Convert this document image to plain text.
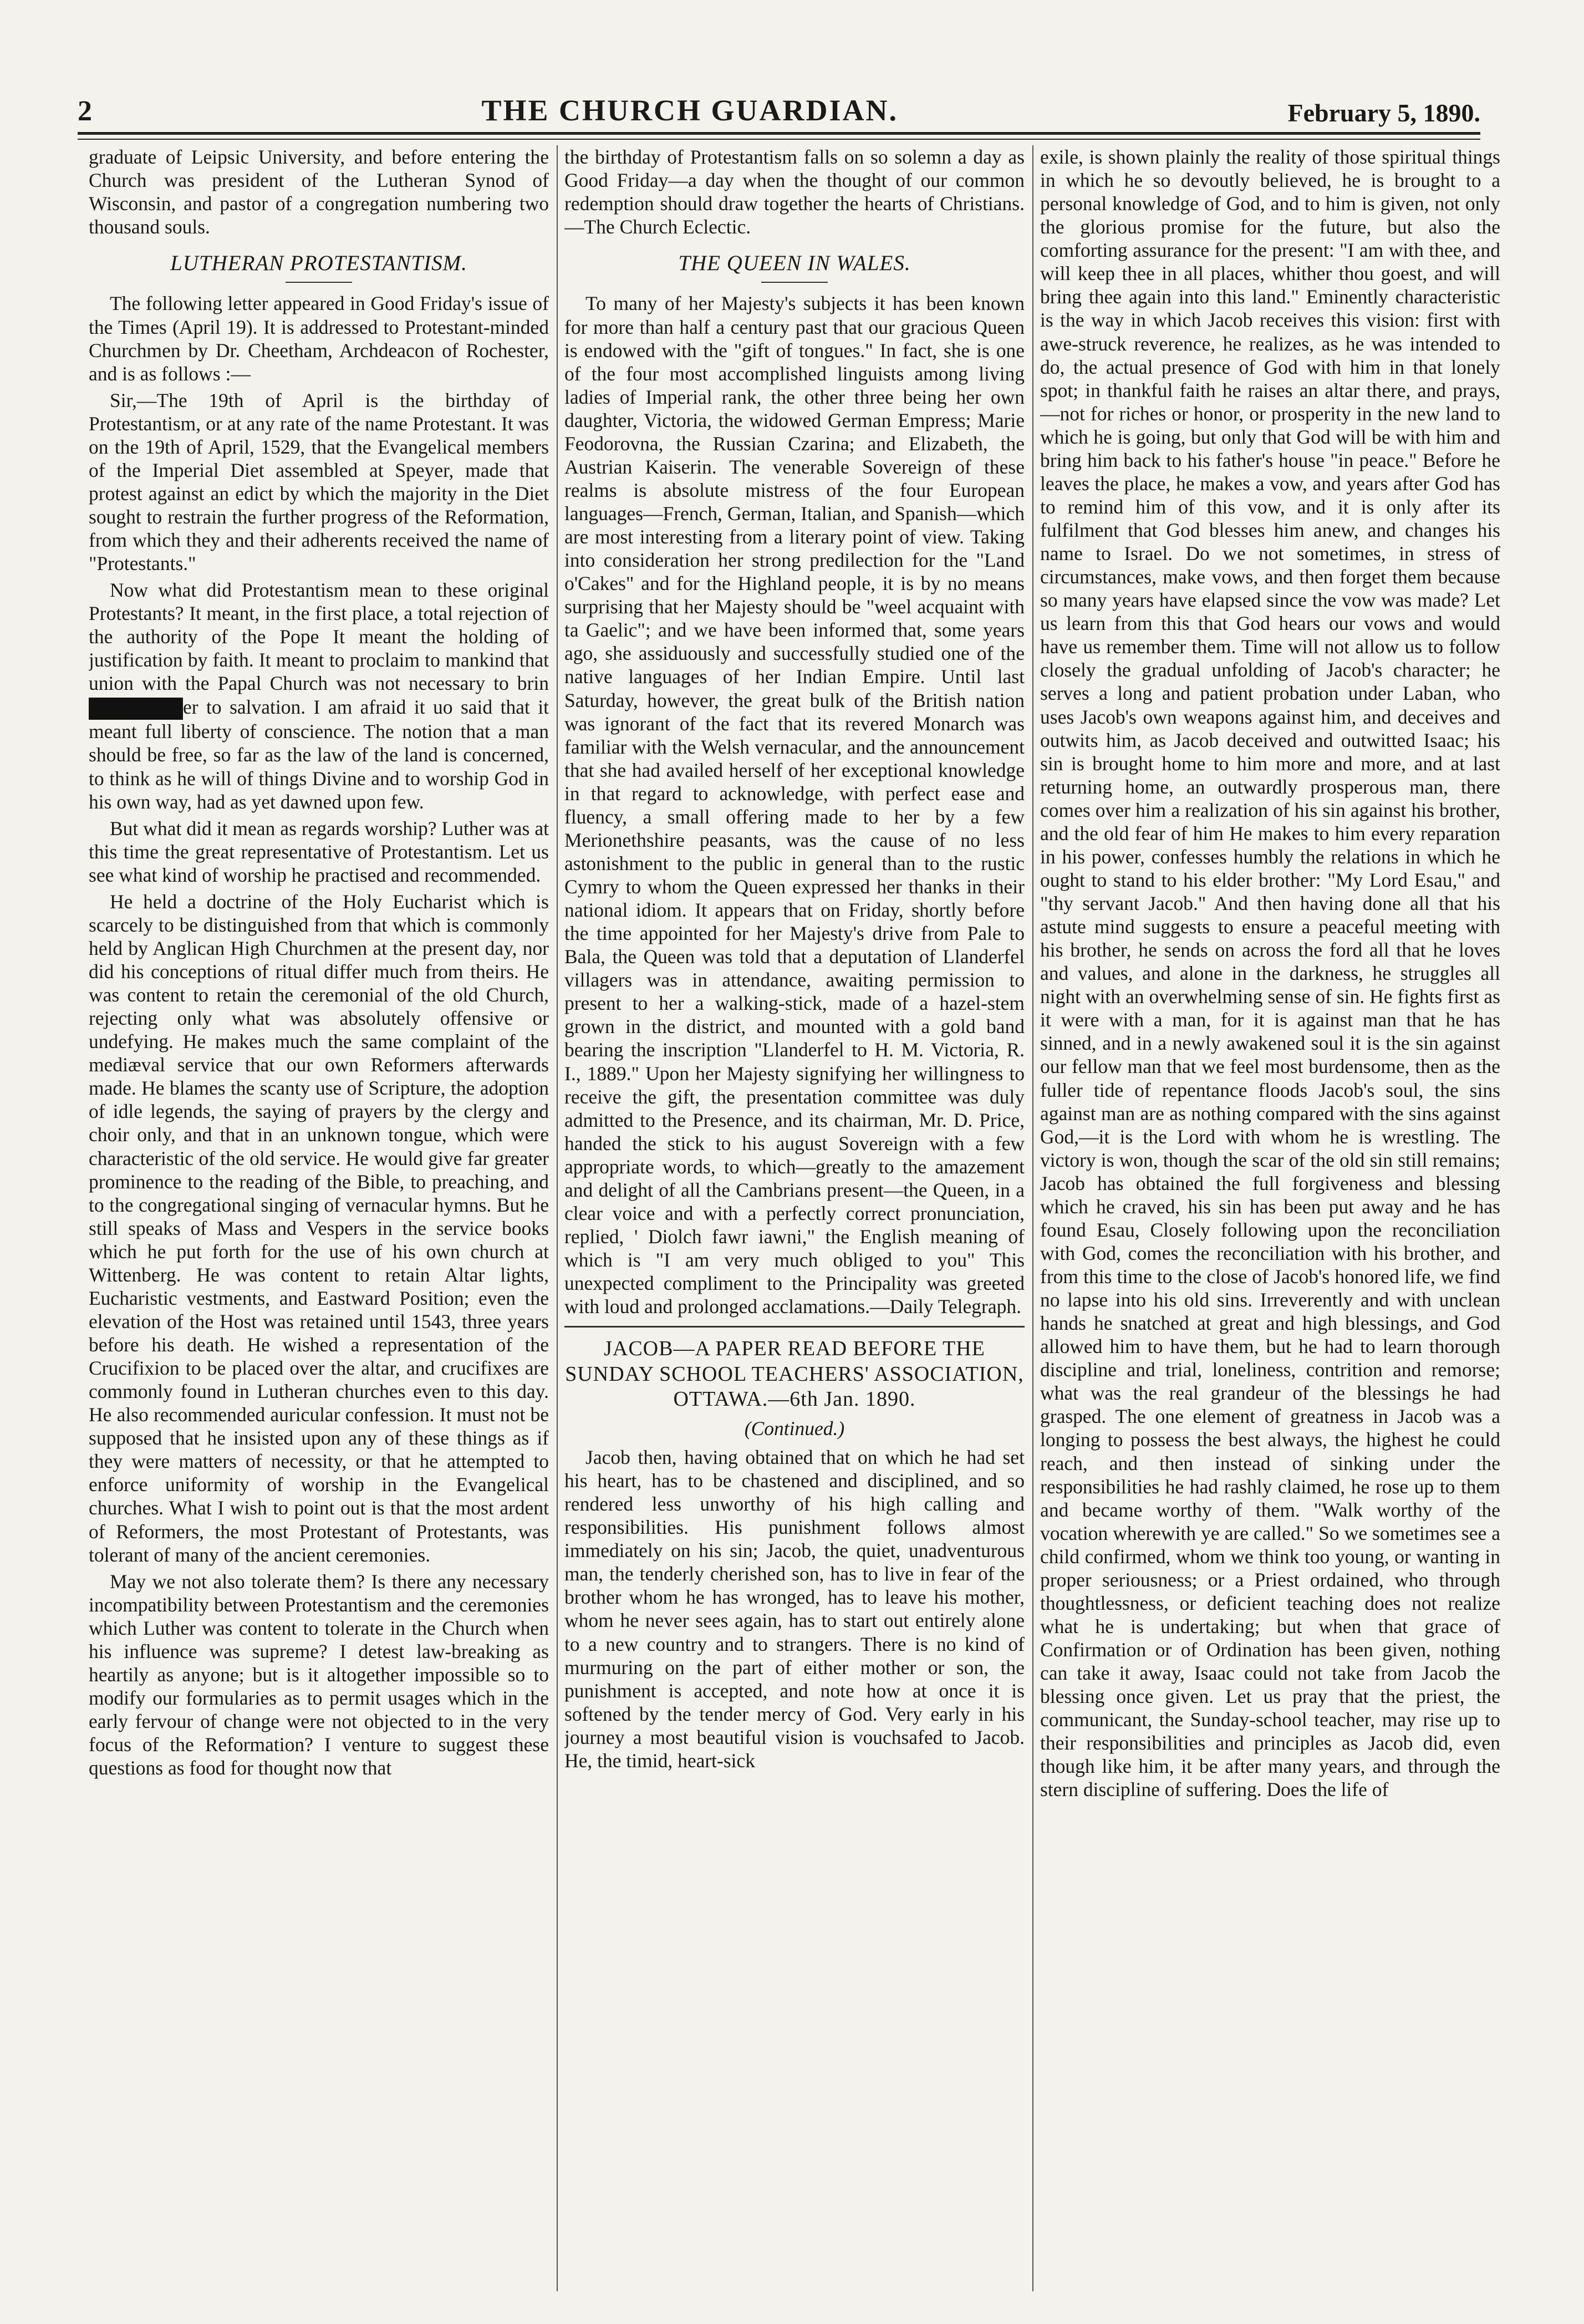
2	THE CHURCH GUARDIAN.	February 5, 1890.

graduate of Leipsic University, and before entering the Church was president of the Lutheran Synod of Wisconsin, and pastor of a congregation numbering two thousand souls.

LUTHERAN PROTESTANTISM.

The following letter appeared in Good Friday's issue of the Times (April 19). It is addressed to Protestant-minded Churchmen by Dr. Cheetham, Archdeacon of Rochester, and is as follows :—

Sir,—The 19th of April is the birthday of Protestantism, or at any rate of the name Protestant. It was on the 19th of April, 1529, that the Evangelical members of the Imperial Diet assembled at Speyer, made that protest against an edict by which the majority in the Diet sought to restrain the further progress of the Reformation, from which they and their adherents received the name of "Protestants."

Now what did Protestantism mean to these original Protestants? It meant, in the first place, a total rejection of the authority of the Pope It meant the holding of justification by faith. It meant to proclaim to mankind that union with the Papal Church was not necessary to briner to salvation. I am afraid it uo said that it meant full liberty of conscience. The notion that a man should be free, so far as the law of the land is concerned, to think as he will of things Divine and to worship God in his own way, had as yet dawned upon few.

But what did it mean as regards worship? Luther was at this time the great representative of Protestantism. Let us see what kind of worship he practised and recommended.

He held a doctrine of the Holy Eucharist which is scarcely to be distinguished from that which is commonly held by Anglican High Churchmen at the present day, nor did his conceptions of ritual differ much from theirs. He was content to retain the ceremonial of the old Church, rejecting only what was absolutely offensive or undefying. He makes much the same complaint of the mediæval service that our own Reformers afterwards made. He blames the scanty use of Scripture, the adoption of idle legends, the saying of prayers by the clergy and choir only, and that in an unknown tongue, which were characteristic of the old service. He would give far greater prominence to the reading of the Bible, to preaching, and to the congregational singing of vernacular hymns. But he still speaks of Mass and Vespers in the service books which he put forth for the use of his own church at Wittenberg. He was content to retain Altar lights, Eucharistic vestments, and Eastward Position; even the elevation of the Host was retained until 1543, three years before his death. He wished a representation of the Crucifixion to be placed over the altar, and crucifixes are commonly found in Lutheran churches even to this day. He also recommended auricular confession. It must not be supposed that he insisted upon any of these things as if they were matters of necessity, or that he attempted to enforce uniformity of worship in the Evangelical churches. What I wish to point out is that the most ardent of Reformers, the most Protestant of Protestants, was tolerant of many of the ancient ceremonies.

May we not also tolerate them? Is there any necessary incompatibility between Protestantism and the ceremonies which Luther was content to tolerate in the Church when his influence was supreme? I detest law-breaking as heartily as anyone; but is it altogether impossible so to modify our formularies as to permit usages which in the early fervour of change were not objected to in the very focus of the Reformation? I venture to suggest these questions as food for thought now that

the birthday of Protestantism falls on so solemn a day as Good Friday—a day when the thought of our common redemption should draw together the hearts of Christians.—The Church Eclectic.

THE QUEEN IN WALES.

To many of her Majesty's subjects it has been known for more than half a century past that our gracious Queen is endowed with the "gift of tongues." In fact, she is one of the four most accomplished linguists among living ladies of Imperial rank, the other three being her own daughter, Victoria, the widowed German Empress; Marie Feodorovna, the Russian Czarina; and Elizabeth, the Austrian Kaiserin. The venerable Sovereign of these realms is absolute mistress of the four European languages—French, German, Italian, and Spanish—which are most interesting from a literary point of view. Taking into consideration her strong predilection for the "Land o'Cakes" and for the Highland people, it is by no means surprising that her Majesty should be "weel acquaint with ta Gaelic"; and we have been informed that, some years ago, she assiduously and successfully studied one of the native languages of her Indian Empire. Until last Saturday, however, the great bulk of the British nation was ignorant of the fact that its revered Monarch was familiar with the Welsh vernacular, and the announcement that she had availed herself of her exceptional knowledge in that regard to acknowledge, with perfect ease and fluency, a small offering made to her by a few Merionethshire peasants, was the cause of no less astonishment to the public in general than to the rustic Cymry to whom the Queen expressed her thanks in their national idiom. It appears that on Friday, shortly before the time appointed for her Majesty's drive from Pale to Bala, the Queen was told that a deputation of Llanderfel villagers was in attendance, awaiting permission to present to her a walking-stick, made of a hazel-stem grown in the district, and mounted with a gold band bearing the inscription "Llanderfel to H. M. Victoria, R. I., 1889." Upon her Majesty signifying her willingness to receive the gift, the presentation committee was duly admitted to the Presence, and its chairman, Mr. D. Price, handed the stick to his august Sovereign with a few appropriate words, to which—greatly to the amazement and delight of all the Cambrians present—the Queen, in a clear voice and with a perfectly correct pronunciation, replied, ' Diolch fawr iawni," the English meaning of which is "I am very much obliged to you" This unexpected compliment to the Principality was greeted with loud and prolonged acclamations.—Daily Telegraph.

JACOB—A PAPER READ BEFORE THE SUNDAY SCHOOL TEACHERS' ASSOCIATION, OTTAWA.—6th Jan. 1890.
(Continued.)

Jacob then, having obtained that on which he had set his heart, has to be chastened and disciplined, and so rendered less unworthy of his high calling and responsibilities. His punishment follows almost immediately on his sin; Jacob, the quiet, unadventurous man, the tenderly cherished son, has to live in fear of the brother whom he has wronged, has to leave his mother, whom he never sees again, has to start out entirely alone to a new country and to strangers. There is no kind of murmuring on the part of either mother or son, the punishment is accepted, and note how at once it is softened by the tender mercy of God. Very early in his journey a most beautiful vision is vouchsafed to Jacob. He, the timid, heart-sick

exile, is shown plainly the reality of those spiritual things in which he so devoutly believed, he is brought to a personal knowledge of God, and to him is given, not only the glorious promise for the future, but also the comforting assurance for the present: "I am with thee, and will keep thee in all places, whither thou goest, and will bring thee again into this land." Eminently characteristic is the way in which Jacob receives this vision: first with awe-struck reverence, he realizes, as he was intended to do, the actual presence of God with him in that lonely spot; in thankful faith he raises an altar there, and prays,—not for riches or honor, or prosperity in the new land to which he is going, but only that God will be with him and bring him back to his father's house "in peace." Before he leaves the place, he makes a vow, and years after God has to remind him of this vow, and it is only after its fulfilment that God blesses him anew, and changes his name to Israel. Do we not sometimes, in stress of circumstances, make vows, and then forget them because so many years have elapsed since the vow was made? Let us learn from this that God hears our vows and would have us remember them. Time will not allow us to follow closely the gradual unfolding of Jacob's character; he serves a long and patient probation under Laban, who uses Jacob's own weapons against him, and deceives and outwits him, as Jacob deceived and outwitted Isaac; his sin is brought home to him more and more, and at last returning home, an outwardly prosperous man, there comes over him a realization of his sin against his brother, and the old fear of him He makes to him every reparation in his power, confesses humbly the relations in which he ought to stand to his elder brother: "My Lord Esau," and "thy servant Jacob." And then having done all that his astute mind suggests to ensure a peaceful meeting with his brother, he sends on across the ford all that he loves and values, and alone in the darkness, he struggles all night with an overwhelming sense of sin. He fights first as it were with a man, for it is against man that he has sinned, and in a newly awakened soul it is the sin against our fellow man that we feel most burdensome, then as the fuller tide of repentance floods Jacob's soul, the sins against man are as nothing compared with the sins against God,—it is the Lord with whom he is wrestling. The victory is won, though the scar of the old sin still remains; Jacob has obtained the full forgiveness and blessing which he craved, his sin has been put away and he has found Esau, Closely following upon the reconciliation with God, comes the reconciliation with his brother, and from this time to the close of Jacob's honored life, we find no lapse into his old sins. Irreverently and with unclean hands he snatched at great and high blessings, and God allowed him to have them, but he had to learn thorough discipline and trial, loneliness, contrition and remorse; what was the real grandeur of the blessings he had grasped. The one element of greatness in Jacob was a longing to possess the best always, the highest he could reach, and then instead of sinking under the responsibilities he had rashly claimed, he rose up to them and became worthy of them. "Walk worthy of the vocation wherewith ye are called." So we sometimes see a child confirmed, whom we think too young, or wanting in proper seriousness; or a Priest ordained, who through thoughtlessness, or deficient teaching does not realize what he is undertaking; but when that grace of Confirmation or of Ordination has been given, nothing can take it away, Isaac could not take from Jacob the blessing once given. Let us pray that the priest, the communicant, the Sunday-school teacher, may rise up to their responsibilities and principles as Jacob did, even though like him, it be after many years, and through the stern discipline of suffering. Does the life of
